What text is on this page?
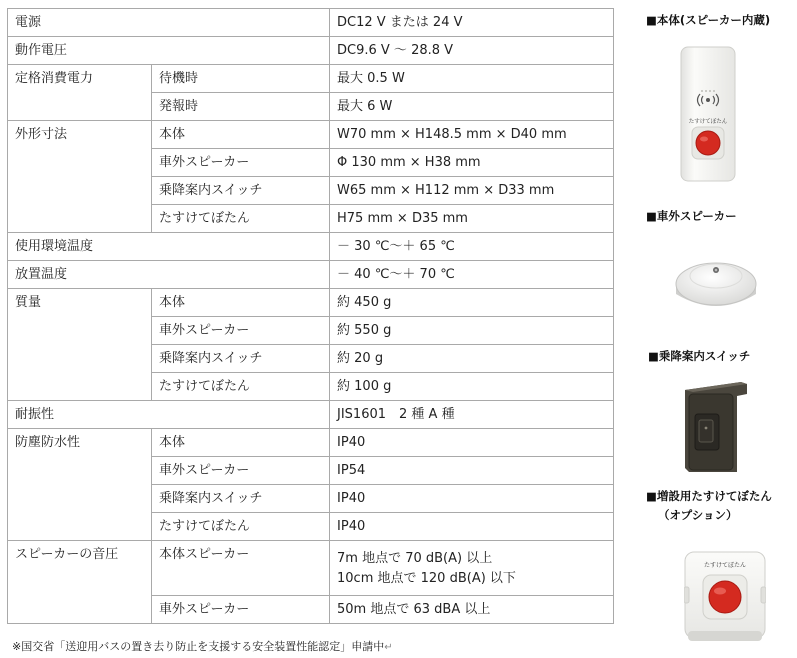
電源		DC12 V または 24 V
動作電圧		DC9.6 V ～ 28.8 V
定格消費電力	待機時	最大 0.5 W
	発報時	最大 6 W
外形寸法	本体	W70 mm × H148.5 mm × D40 mm
	車外スピーカー	Φ 130 mm × H38 mm
	乗降案内スイッチ	W65 mm × H112 mm × D33 mm
	たすけてぼたん	H75 mm × D35 mm
使用環境温度		－ 30 ℃～＋ 65 ℃
放置温度		－ 40 ℃～＋ 70 ℃
質量	本体	約 450 g
	車外スピーカー	約 550 g
	乗降案内スイッチ	約 20 g
	たすけてぼたん	約 100 g
耐振性		JIS1601　2 種 A 種
防塵防水性	本体	IP40
	車外スピーカー	IP54
	乗降案内スイッチ	IP40
	たすけてぼたん	IP40
スピーカーの音圧	本体スピーカー	7m 地点で 70 dB(A) 以上
10cm 地点で 120 dB(A) 以下

	車外スピーカー	50m 地点で 63 dBA 以上
※国交省「送迎用バスの置き去り防止を支援する安全装置性能認定」申請中↵
■本体(スピーカー内蔵)
たすけてぼたん
■車外スピーカー
■乗降案内スイッチ
■増設用たすけてぼたん
（オプション）
たすけてぼたん
